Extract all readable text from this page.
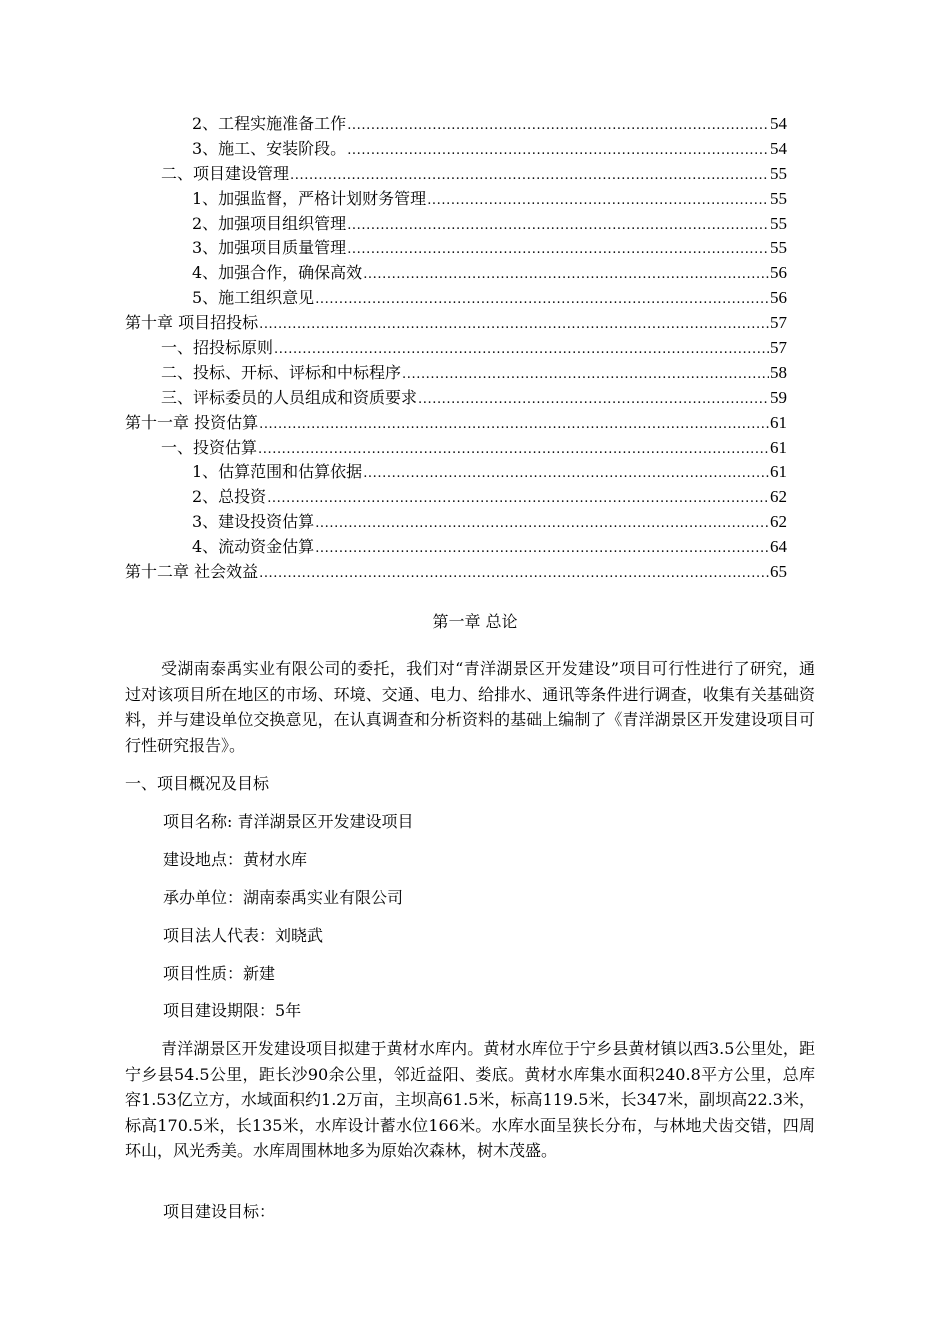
2、工程实施准备工作 .....	54
3、施工、安装阶段。 .....	54
二、项目建设管理 .....	55
1、加强监督，严格计划财务管理 .....	55
2、加强项目组织管理 .....	55
3、加强项目质量管理 .....	55
4、加强合作，确保高效 .....	56
5、施工组织意见 .....	56
第十章 项目招投标 .....	57
一、招投标原则 .....	57
二、投标、开标、评标和中标程序 .....	58
三、评标委员的人员组成和资质要求 .....	59
第十一章 投资估算 .....	61
一、投资估算 .....	61
1、估算范围和估算依据 .....	61
2、总投资 .....	62
3、建设投资估算 .....	62
4、流动资金估算 .....	64
第十二章 社会效益 .....	65
第一章 总论
受湖南泰禹实业有限公司的委托，我们对“青洋湖景区开发建设”项目可行性进行了研究，通过对该项目所在地区的市场、环境、交通、电力、给排水、通讯等条件进行调查，收集有关基础资料，并与建设单位交换意见，在认真调查和分析资料的基础上编制了《青洋湖景区开发建设项目可行性研究报告》。
一、项目概况及目标
项目名称: 青洋湖景区开发建设项目
建设地点：黄材水库
承办单位：湖南泰禹实业有限公司
项目法人代表：刘晓武
项目性质：新建
项目建设期限：5年
青洋湖景区开发建设项目拟建于黄材水库内。黄材水库位于宁乡县黄材镇以西3.5公里处，距宁乡县54.5公里，距长沙90余公里，邻近益阳、娄底。黄材水库集水面积240.8平方公里，总库容1.53亿立方，水域面积约1.2万亩，主坝高61.5米，标高119.5米，长347米，副坝高22.3米，标高170.5米，长135米，水库设计蓄水位166米。水库水面呈狭长分布，与林地犬齿交错，四周环山，风光秀美。水库周围林地多为原始次森林，树木茂盛。
项目建设目标：
